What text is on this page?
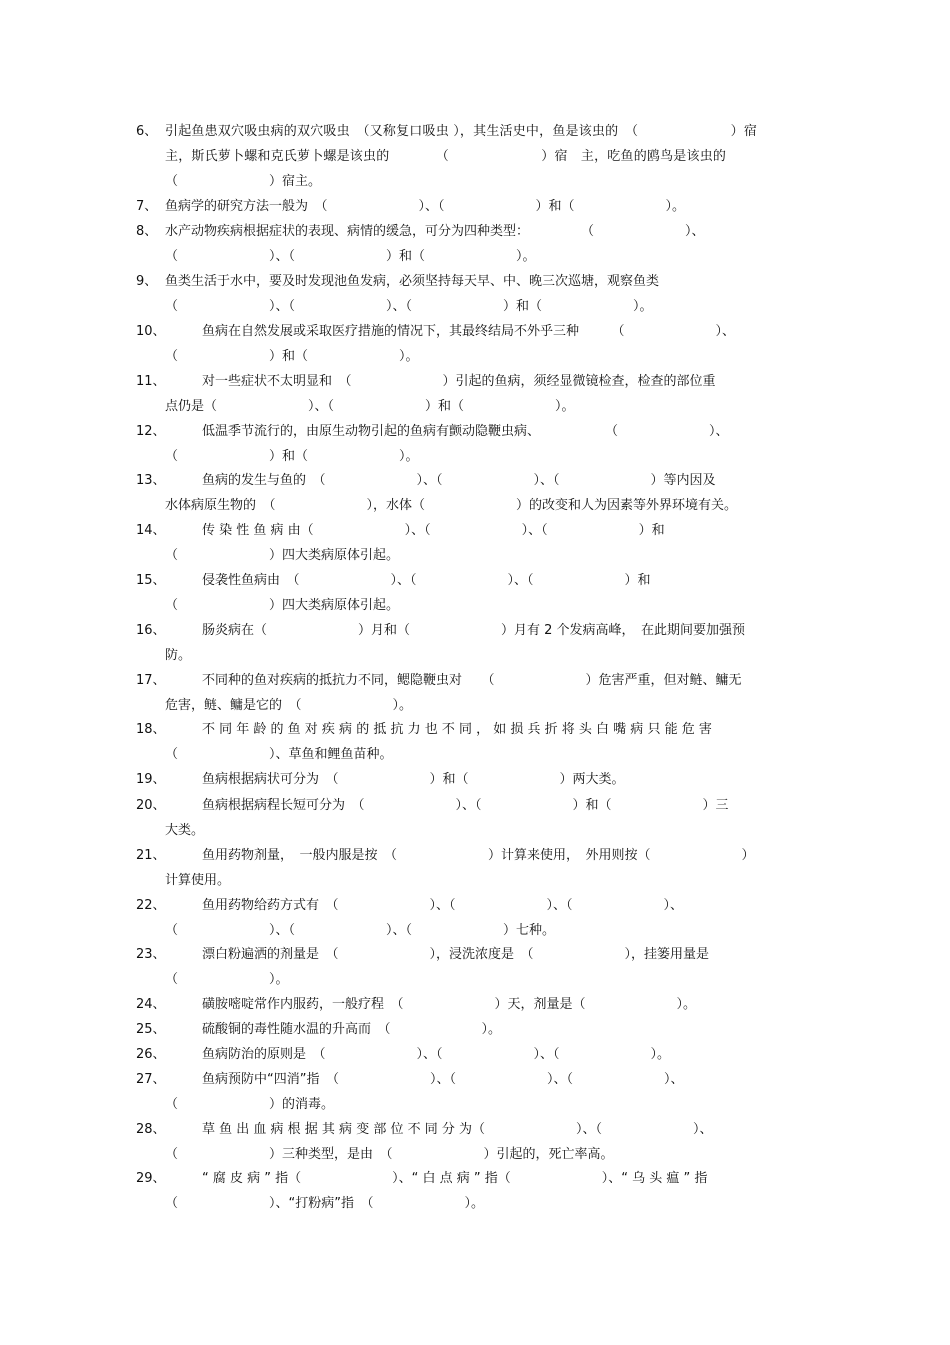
6、 引起鱼患双穴吸虫病的双穴吸虫　（又称复口吸虫 ），其生活史中，鱼是该虫的　（　　　　　　　）宿
主，斯氏萝卜螺和克氏萝卜螺是该虫的　　　　（　　　　　　　）宿　主，吃鱼的鸥鸟是该虫的
（　　　　　　　）宿主。
7、 鱼病学的研究方法一般为　（　　　　　　　）、（　　　　　　　）和（　　　　　　　）。
8、 水产动物疾病根据症状的表现、病情的缓急，可分为四种类型：　　　　　（　　　　　　　）、
（　　　　　　　）、（　　　　　　　）和（　　　　　　　）。
9、 鱼类生活于水中，要及时发现池鱼发病，必须坚持每天早、中、晚三次巡塘，观察鱼类
（　　　　　　　）、（　　　　　　　）、（　　　　　　　）和（　　　　　　　）。
10、	鱼病在自然发展或采取医疗措施的情况下，其最终结局不外乎三种　　　（　　　　　　　）、
（　　　　　　　）和（　　　　　　　）。
11、	对一些症状不太明显和　（　　　　　　　）引起的鱼病，须经显微镜检查，检查的部位重
点仍是（　　　　　　　）、（　　　　　　　）和（　　　　　　　）。
12、	低温季节流行的，由原生动物引起的鱼病有颤动隐鞭虫病、　　　　　　（　　　　　　　）、
（　　　　　　　）和（　　　　　　　）。
13、	鱼病的发生与鱼的　（　　　　　　　）、（　　　　　　　）、（　　　　　　　）等内因及
水体病原生物的　（　　　　　　　），水体（　　　　　　　）的改变和人为因素等外界环境有关。
14、	传 染 性 鱼 病 由（　　　　　　　）、（　　　　　　　）、（　　　　　　　）和
（　　　　　　　）四大类病原体引起。
15、	侵袭性鱼病由　（　　　　　　　）、（　　　　　　　）、（　　　　　　　）和
（　　　　　　　）四大类病原体引起。
16、	肠炎病在（　　　　　　　）月和（　　　　　　　）月有 2 个发病高峰，　在此期间要加强预
防。
17、	不同种的鱼对疾病的抵抗力不同，鳃隐鞭虫对　　（　　　　　　　）危害严重，但对鲢、鳙无
危害，鲢、鳙是它的　（　　　　　　　）。
18、	不 同 年 龄 的 鱼 对 疾 病 的 抵 抗 力 也 不 同 ， 如 损 兵 折 将 头 白 嘴 病 只 能 危 害
（　　　　　　　）、草鱼和鲤鱼苗种。
19、	鱼病根据病状可分为　（　　　　　　　）和（　　　　　　　）两大类。
20、	鱼病根据病程长短可分为　（　　　　　　　）、（　　　　　　　）和（　　　　　　　）三
大类。
21、	鱼用药物剂量，　一般内服是按　（　　　　　　　）计算来使用，　外用则按（　　　　　　　）
计算使用。
22、	鱼用药物给药方式有　（　　　　　　　）、（　　　　　　　）、（　　　　　　　）、
（　　　　　　　）、（　　　　　　　）、（　　　　　　　）七种。
23、	漂白粉遍洒的剂量是　（　　　　　　　），浸洗浓度是　（　　　　　　　），挂篓用量是
（　　　　　　　）。
24、	磺胺嘧啶常作内服药，一般疗程　（　　　　　　　）天，剂量是（　　　　　　　）。
25、	硫酸铜的毒性随水温的升高而　（　　　　　　　）。
26、	鱼病防治的原则是　（　　　　　　　）、（　　　　　　　）、（　　　　　　　）。
27、	鱼病预防中“四消”指　（　　　　　　　）、（　　　　　　　）、（　　　　　　　）、
（　　　　　　　）的消毒。
28、	草 鱼 出 血 病 根 据 其 病 变 部 位 不 同 分 为（　　　　　　　）、（　　　　　　　）、
（　　　　　　　）三种类型，是由　（　　　　　　　）引起的，死亡率高。
29、	“ 腐 皮 病 ” 指（　　　　　　　）、“ 白 点 病 ” 指（　　　　　　　）、“ 乌 头 瘟 ” 指
（　　　　　　　）、“打粉病”指　（　　　　　　　）。
